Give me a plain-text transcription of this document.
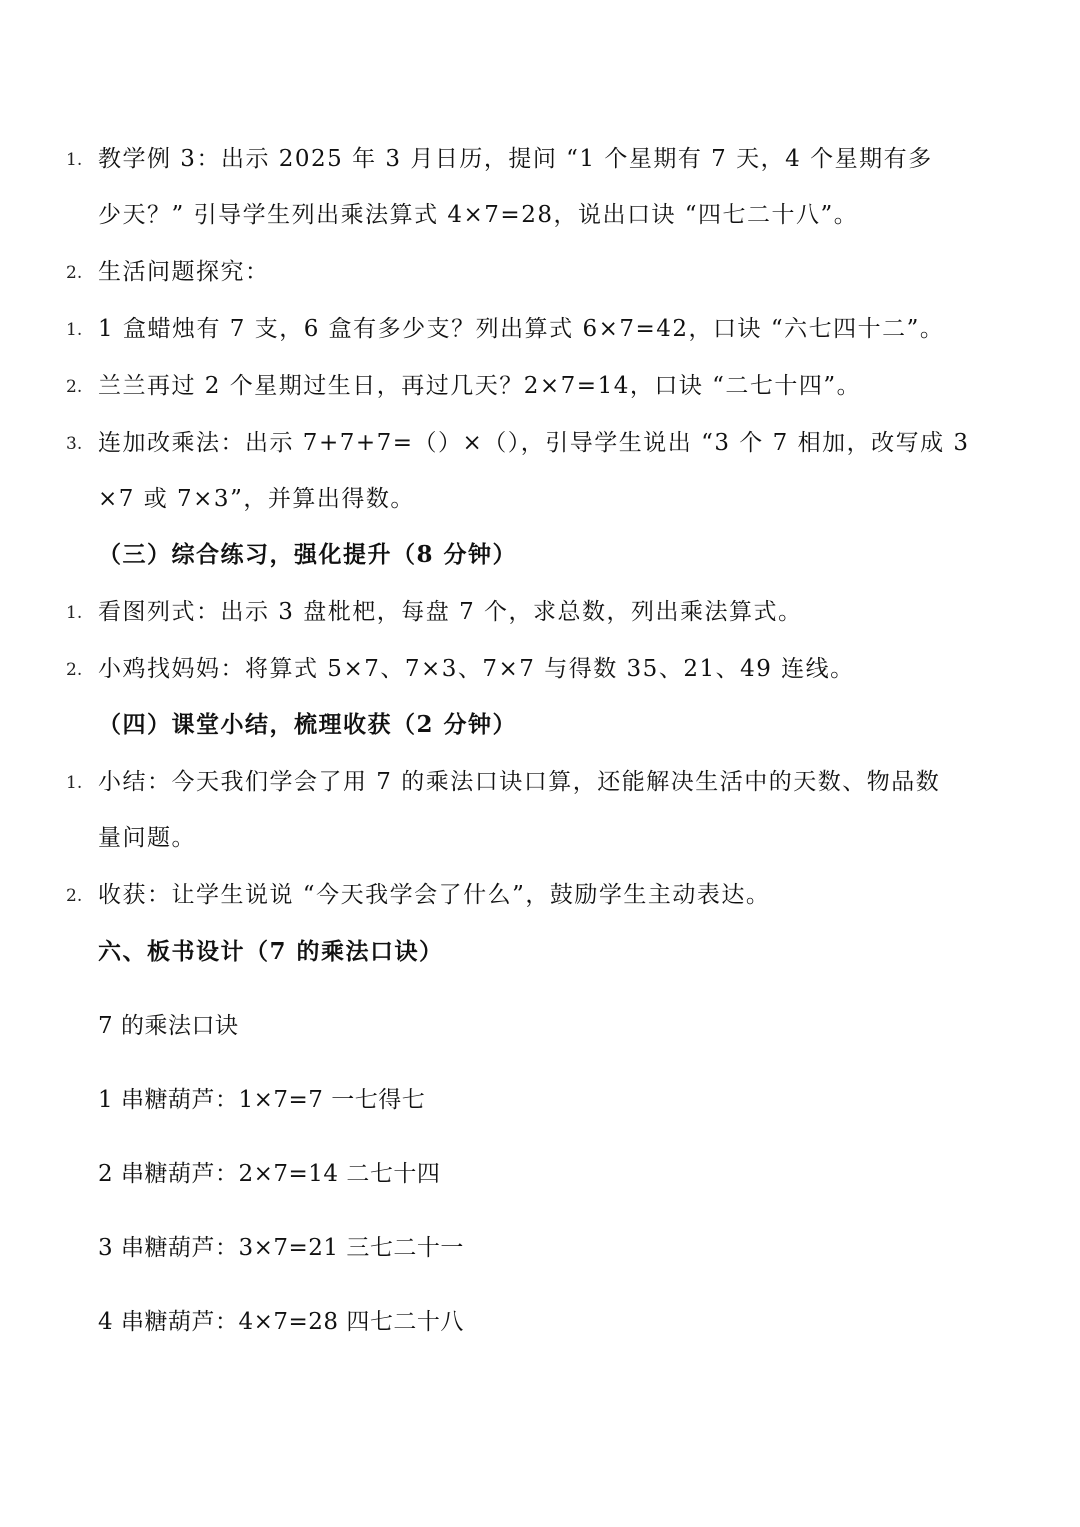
1. 教学例 3：出示 2025 年 3 月日历，提问 “1 个星期有 7 天，4 个星期有多
少天？” 引导学生列出乘法算式 4×7=28，说出口诀 “四七二十八”。
2. 生活问题探究：
1. 1 盒蜡烛有 7 支，6 盒有多少支？列出算式 6×7=42，口诀 “六七四十二”。
2. 兰兰再过 2 个星期过生日，再过几天？2×7=14，口诀 “二七十四”。
3. 连加改乘法：出示 7+7+7=（）×（），引导学生说出 “3 个 7 相加，改写成 3
×7 或 7×3”，并算出得数。
（三）综合练习，强化提升（8 分钟）
1. 看图列式：出示 3 盘枇杷，每盘 7 个，求总数，列出乘法算式。
2. 小鸡找妈妈：将算式 5×7、7×3、7×7 与得数 35、21、49 连线。
（四）课堂小结，梳理收获（2 分钟）
1. 小结：今天我们学会了用 7 的乘法口诀口算，还能解决生活中的天数、物品数
量问题。
2. 收获：让学生说说 “今天我学会了什么”，鼓励学生主动表达。
六、板书设计（7 的乘法口诀）
7 的乘法口诀
1 串糖葫芦：1×7=7 一七得七
2 串糖葫芦：2×7=14 二七十四
3 串糖葫芦：3×7=21 三七二十一
4 串糖葫芦：4×7=28 四七二十八
